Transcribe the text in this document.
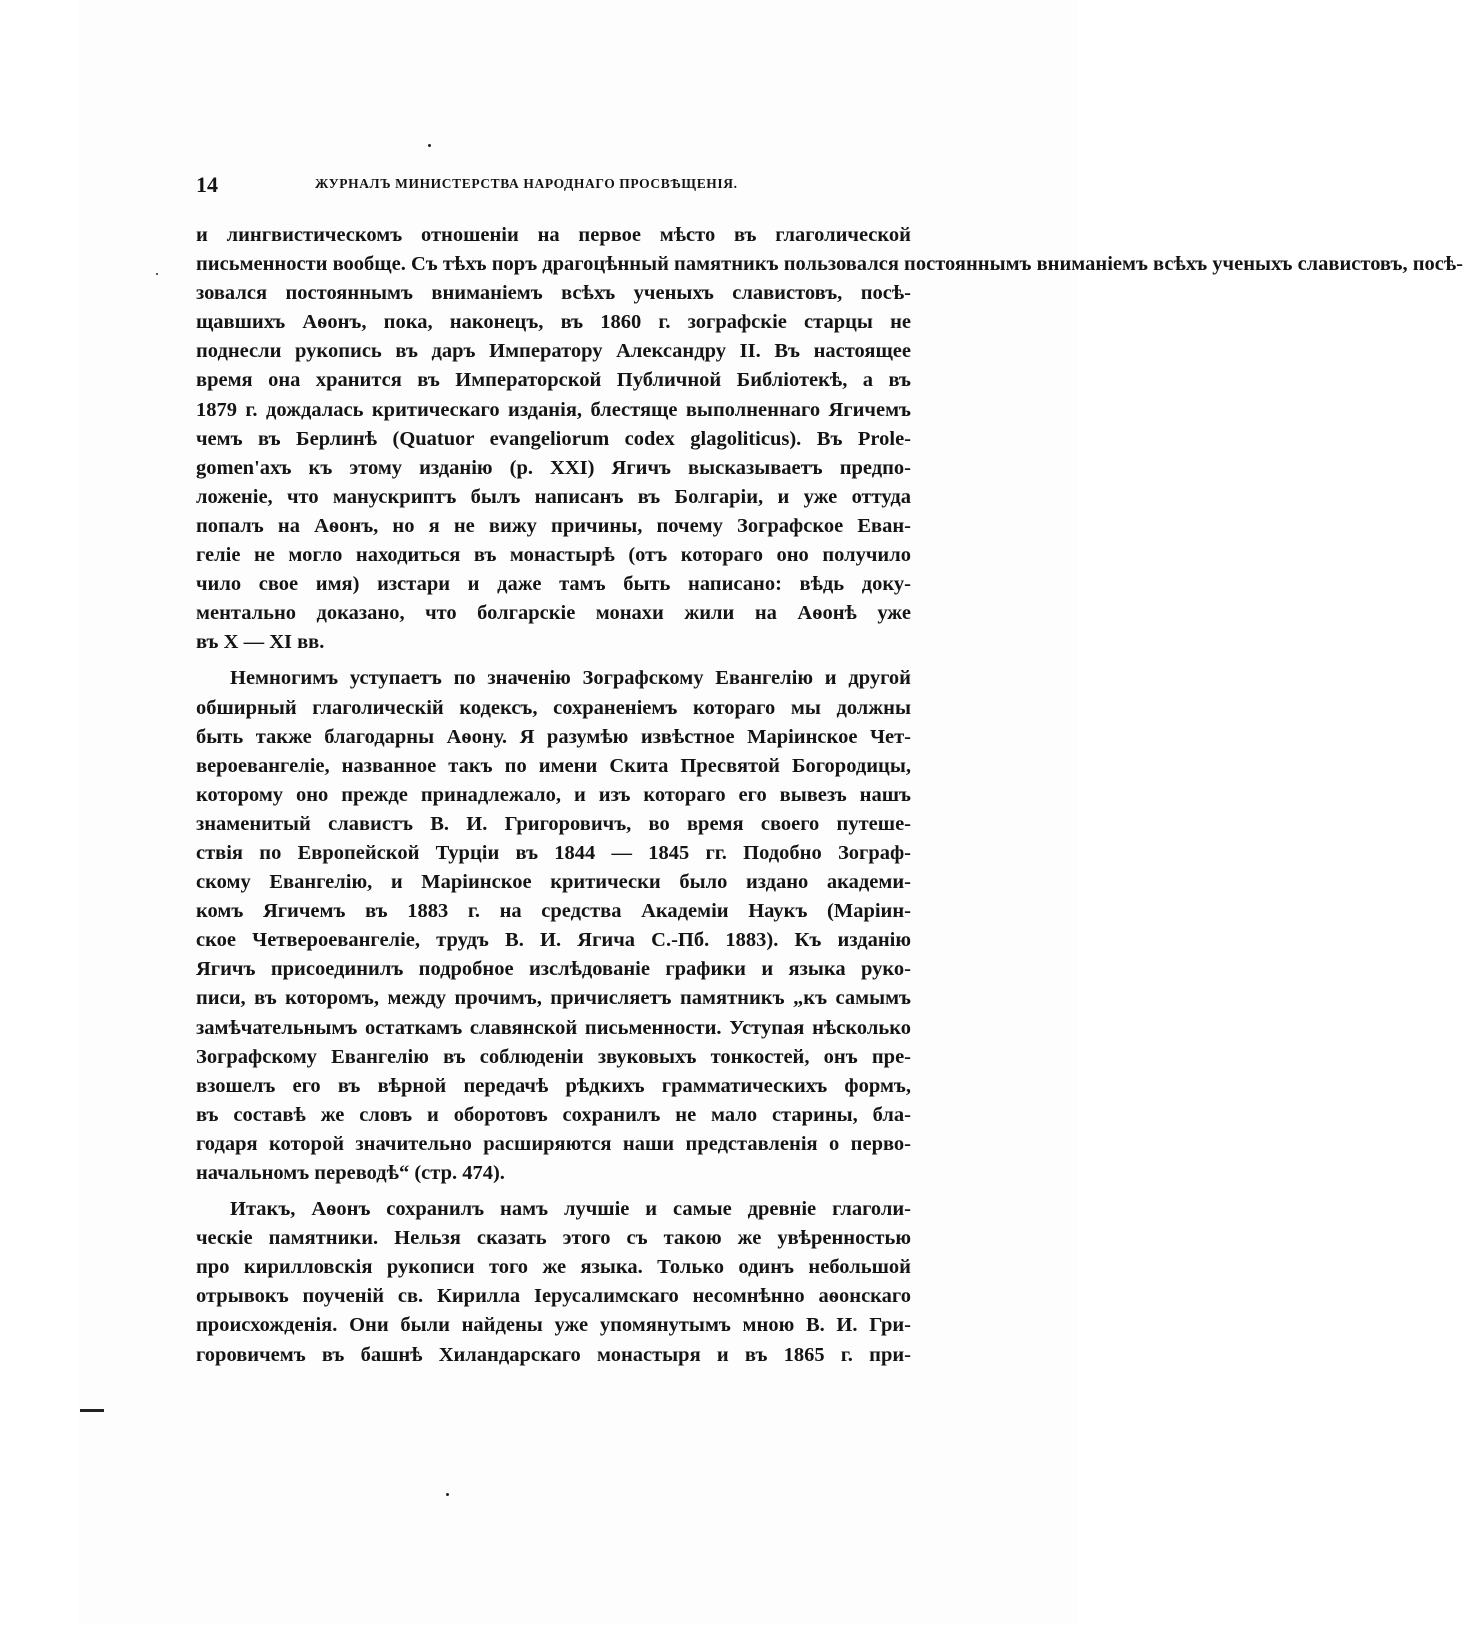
14	ЖУРНАЛЪ МИНИСТЕРСТВА НАРОДНАГО ПРОСВѢЩЕНІЯ.
и лингвистическомъ отношеніи на первое мѣсто въ глаголической
письменности вообще. Съ тѣхъ поръ драгоцѣнный памятникъ пользовался постояннымъ вниманіемъ всѣхъ ученыхъ славистовъ, посѣ-
зовался постояннымъ вниманіемъ всѣхъ ученыхъ славистовъ, посѣ-
щавшихъ Аѳонъ, пока, наконецъ, въ 1860 г. зографскіе старцы не
поднесли рукопись въ даръ Императору Александру II. Въ настоящее
время она хранится въ Императорской Публичной Библіотекѣ, а въ
1879 г. дождалась критическаго изданія, блестяще выполненнаго Ягичемъ
чемъ въ Берлинѣ (Quatuor evangeliorum codex glagoliticus). Въ Prole-
gomen'ахъ къ этому изданію (p. XXI) Ягичъ высказываетъ предпо-
ложеніе, что манускриптъ былъ написанъ въ Болгаріи, и уже оттуда
попалъ на Аѳонъ, но я не вижу причины, почему Зографское Еван-
геліе не могло находиться въ монастырѣ (отъ котораго оно получило
чило свое имя) изстари и даже тамъ быть написано: вѣдь доку-
ментально доказано, что болгарскіе монахи жили на Аѳонѣ уже
въ X — XI вв.
Немногимъ уступаетъ по значенію Зографскому Евангелію и другой
обширный глаголическій кодексъ, сохраненіемъ котораго мы должны
быть также благодарны Аѳону. Я разумѣю извѣстное Маріинское Чет-
вероевангеліе, названное такъ по имени Скита Пресвятой Богородицы,
которому оно прежде принадлежало, и изъ котораго его вывезъ нашъ
знаменитый славистъ В. И. Григоровичъ, во время своего путеше-
ствія по Европейской Турціи въ 1844 — 1845 гг. Подобно Зограф-
скому Евангелію, и Маріинское критически было издано академи-
комъ Ягичемъ въ 1883 г. на средства Академіи Наукъ (Маріин-
ское Четвероевангеліе, трудъ В. И. Ягича С.-Пб. 1883). Къ изданію
Ягичъ присоединилъ подробное изслѣдованіе графики и языка руко-
писи, въ которомъ, между прочимъ, причисляетъ памятникъ „къ самымъ
замѣчательнымъ остаткамъ славянской письменности. Уступая нѣсколько
Зографскому Евангелію въ соблюденіи звуковыхъ тонкостей, онъ пре-
взошелъ его въ вѣрной передачѣ рѣдкихъ грамматическихъ формъ,
въ составѣ же словъ и оборотовъ сохранилъ не мало старины, бла-
годаря которой значительно расширяются наши представленія о перво-
начальномъ переводѣ“ (стр. 474).
Итакъ, Аѳонъ сохранилъ намъ лучшіе и самые древніе глаголи-
ческіе памятники. Нельзя сказать этого съ такою же увѣренностью
про кирилловскія рукописи того же языка. Только одинъ небольшой
отрывокъ поученій св. Кирилла Іерусалимскаго несомнѣнно аѳонскаго
происхожденія. Они были найдены уже упомянутымъ мною В. И. Гри-
горовичемъ въ башнѣ Хиландарскаго монастыря и въ 1865 г. при-
